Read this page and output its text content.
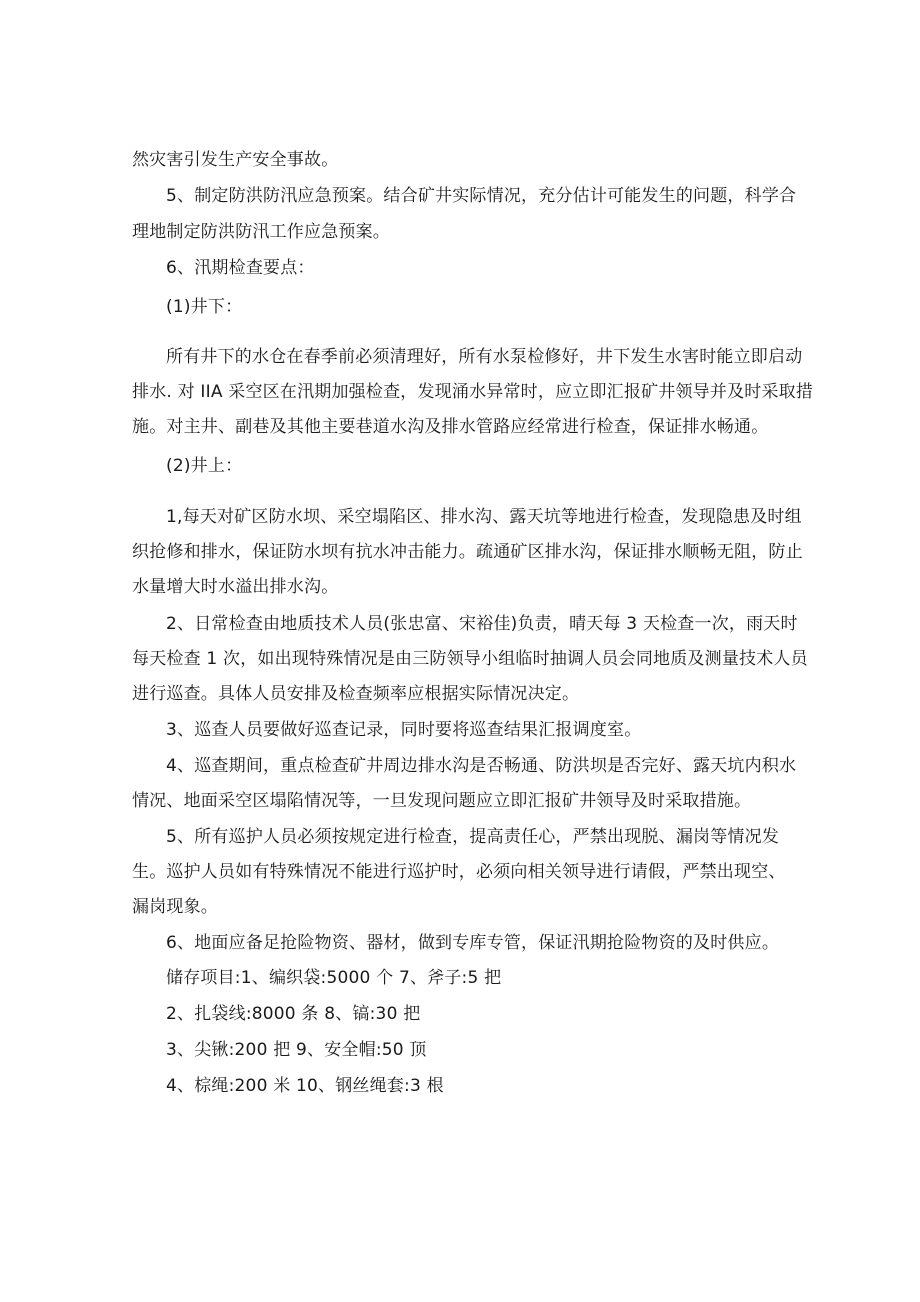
然灾害引发生产安全事故。
5、制定防洪防汛应急预案。结合矿井实际情况，充分估计可能发生的问题，科学合
理地制定防洪防汛工作应急预案。
6、汛期检查要点：
(1)井下：
所有井下的水仓在春季前必须清理好，所有水泵检修好，井下发生水害时能立即启动
排水. 对 IIA 采空区在汛期加强检查，发现涌水异常时，应立即汇报矿井领导并及时采取措
施。对主井、副巷及其他主要巷道水沟及排水管路应经常进行检查，保证排水畅通。
(2)井上：
1,每天对矿区防水坝、采空塌陷区、排水沟、露天坑等地进行检查，发现隐患及时组
织抢修和排水，保证防水坝有抗水冲击能力。疏通矿区排水沟，保证排水顺畅无阻，防止
水量增大时水溢出排水沟。
2、日常检查由地质技术人员(张忠富、宋裕佳)负责，晴天每 3 天检查一次，雨天时
每天检查 1 次，如出现特殊情况是由三防领导小组临时抽调人员会同地质及测量技术人员
进行巡查。具体人员安排及检查频率应根据实际情况决定。
3、巡查人员要做好巡查记录，同时要将巡查结果汇报调度室。
4、巡查期间，重点检查矿井周边排水沟是否畅通、防洪坝是否完好、露天坑内积水
情况、地面采空区塌陷情况等，一旦发现问题应立即汇报矿井领导及时采取措施。
5、所有巡护人员必须按规定进行检查，提高责任心，严禁出现脱、漏岗等情况发
生。巡护人员如有特殊情况不能进行巡护时，必须向相关领导进行请假，严禁出现空、
漏岗现象。
6、地面应备足抢险物资、器材，做到专库专管，保证汛期抢险物资的及时供应。
储存项目:1、编织袋:5000 个 7、斧子:5 把
2、扎袋线:8000 条 8、镐:30 把
3、尖锹:200 把 9、安全帽:50 顶
4、棕绳:200 米 10、钢丝绳套:3 根
